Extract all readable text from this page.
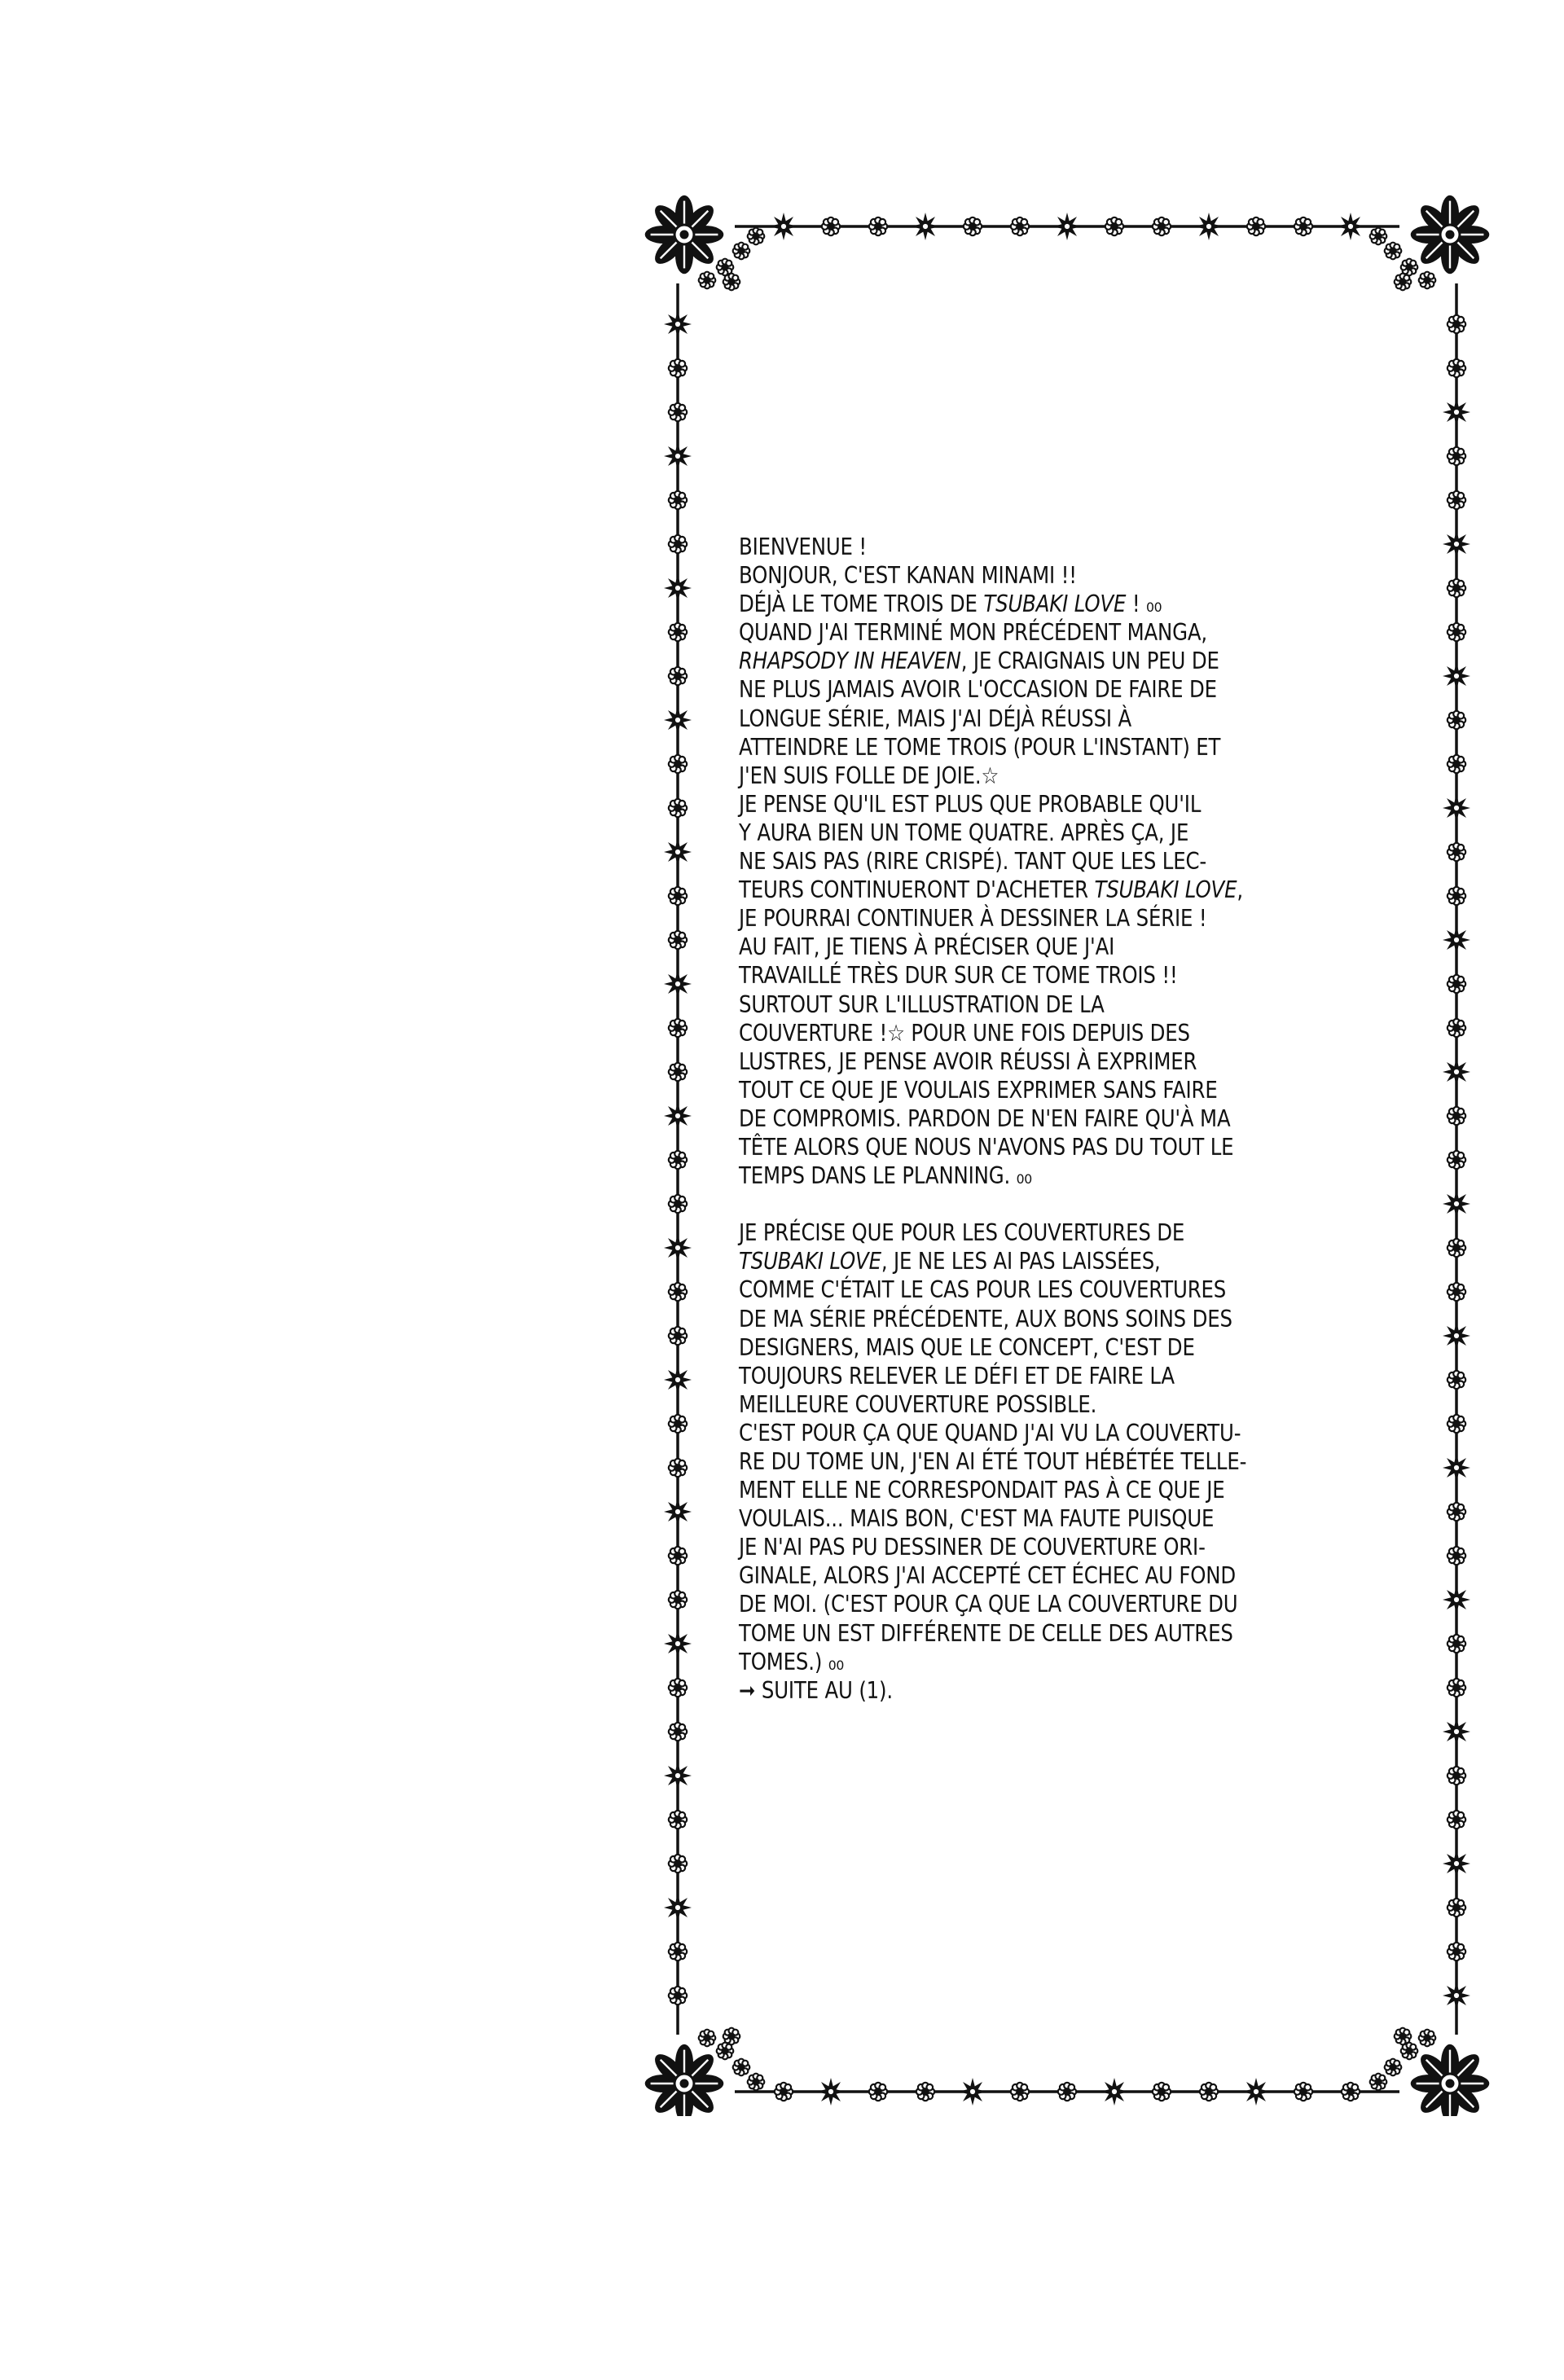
BIENVENUE !
BONJOUR, C'EST KANAN MINAMI !!
DÉJÀ LE TOME TROIS DE TSUBAKI LOVE ! ₀₀
QUAND J'AI TERMINÉ MON PRÉCÉDENT MANGA,
RHAPSODY IN HEAVEN, JE CRAIGNAIS UN PEU DE
NE PLUS JAMAIS AVOIR L'OCCASION DE FAIRE DE
LONGUE SÉRIE, MAIS J'AI DÉJÀ RÉUSSI À
ATTEINDRE LE TOME TROIS (POUR L'INSTANT) ET
J'EN SUIS FOLLE DE JOIE.☆
JE PENSE QU'IL EST PLUS QUE PROBABLE QU'IL
Y AURA BIEN UN TOME QUATRE. APRÈS ÇA, JE
NE SAIS PAS (RIRE CRISPÉ). TANT QUE LES LEC-
TEURS CONTINUERONT D'ACHETER TSUBAKI LOVE,
JE POURRAI CONTINUER À DESSINER LA SÉRIE !
AU FAIT, JE TIENS À PRÉCISER QUE J'AI
TRAVAILLÉ TRÈS DUR SUR CE TOME TROIS !!
SURTOUT SUR L'ILLUSTRATION DE LA
COUVERTURE !☆ POUR UNE FOIS DEPUIS DES
LUSTRES, JE PENSE AVOIR RÉUSSI À EXPRIMER
TOUT CE QUE JE VOULAIS EXPRIMER SANS FAIRE
DE COMPROMIS. PARDON DE N'EN FAIRE QU'À MA
TÊTE ALORS QUE NOUS N'AVONS PAS DU TOUT LE
TEMPS DANS LE PLANNING. ₀₀
JE PRÉCISE QUE POUR LES COUVERTURES DE
TSUBAKI LOVE, JE NE LES AI PAS LAISSÉES,
COMME C'ÉTAIT LE CAS POUR LES COUVERTURES
DE MA SÉRIE PRÉCÉDENTE, AUX BONS SOINS DES
DESIGNERS, MAIS QUE LE CONCEPT, C'EST DE
TOUJOURS RELEVER LE DÉFI ET DE FAIRE LA
MEILLEURE COUVERTURE POSSIBLE.
C'EST POUR ÇA QUE QUAND J'AI VU LA COUVERTU-
RE DU TOME UN, J'EN AI ÉTÉ TOUT HÉBÉTÉE TELLE-
MENT ELLE NE CORRESPONDAIT PAS À CE QUE JE
VOULAIS... MAIS BON, C'EST MA FAUTE PUISQUE
JE N'AI PAS PU DESSINER DE COUVERTURE ORI-
GINALE, ALORS J'AI ACCEPTÉ CET ÉCHEC AU FOND
DE MOI. (C'EST POUR ÇA QUE LA COUVERTURE DU
TOME UN EST DIFFÉRENTE DE CELLE DES AUTRES
TOMES.) ₀₀
➞ SUITE AU (1).
